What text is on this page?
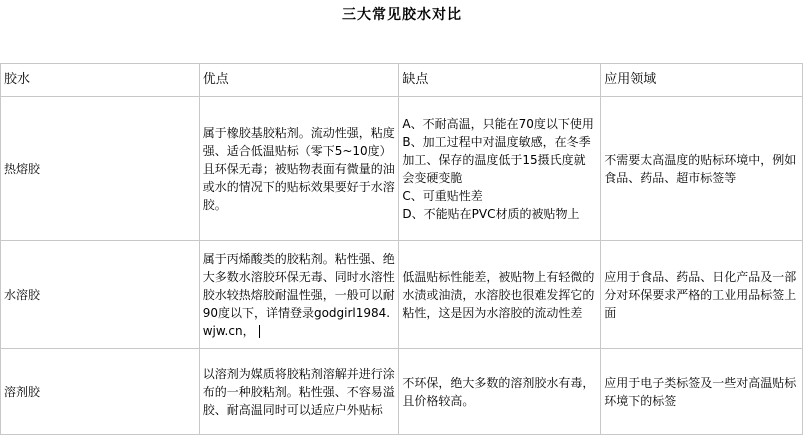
三大常见胶水对比
胶水	优点	缺点	应用领域
热熔胶	属于橡胶基胶粘剂。流动性强，粘度强、适合低温贴标（零下5~10度）且环保无毒；被贴物表面有微量的油或水的情况下的贴标效果要好于水溶胶。	A、不耐高温，只能在70度以下使用
B、加工过程中对温度敏感，在冬季加工、保存的温度低于15摄氏度就会变硬变脆
C、可重贴性差
D、不能贴在PVC材质的被贴物上	不需要太高温度的贴标环境中，例如食品、药品、超市标签等
水溶胶	属于丙烯酸类的胶粘剂。粘性强、绝大多数水溶胶环保无毒、同时水溶性胶水较热熔胶耐温性强，一般可以耐90度以下，详情登录godgirl1984.wjw.cn，	低温贴标性能差，被贴物上有轻微的水渍或油渍，水溶胶也很难发挥它的粘性，这是因为水溶胶的流动性差	应用于食品、药品、日化产品及一部分对环保要求严格的工业用品标签上面
溶剂胶	以溶剂为媒质将胶粘剂溶解并进行涂布的一种胶粘剂。粘性强、不容易溢胶、耐高温同时可以适应户外贴标	不环保，绝大多数的溶剂胶水有毒，且价格较高。	应用于电子类标签及一些对高温贴标环境下的标签
